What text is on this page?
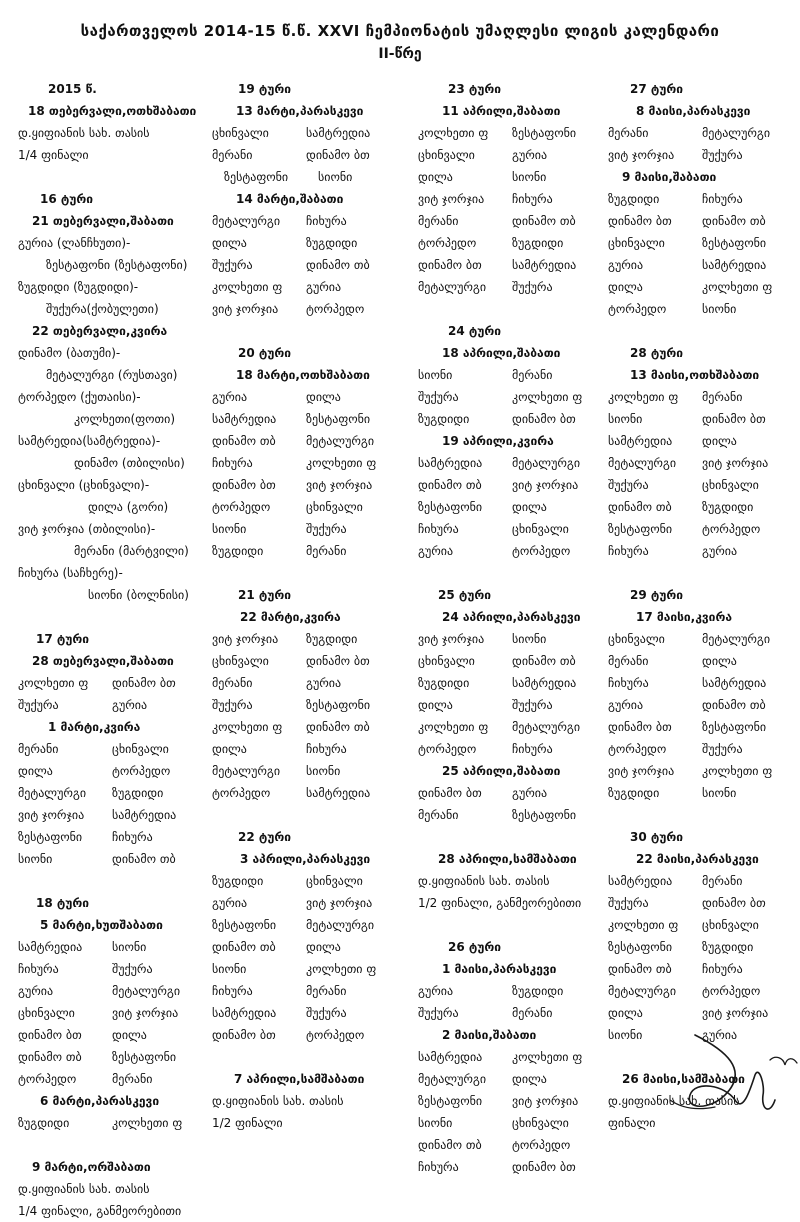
საქართველოს 2014-15 წ.წ. XXVI ჩემპიონატის უმაღლესი ლიგის კალენდარი
II-წრე
2015 წ.
18 თებერვალი,ოთხშაბათი
დ.ყიფიანის სახ. თასის
1/4 ფინალი
16 ტური
21 თებერვალი,შაბათი
გურია (ლანჩხუთი)-
ზესტაფონი (ზესტაფონი)
ზუგდიდი (ზუგდიდი)-
შუქურა(ქობულეთი)
22 თებერვალი,კვირა
დინამო (ბათუმი)-
მეტალურგი (რუსთავი)
ტორპედო (ქუთაისი)-
კოლხეთი(ფოთი)
სამტრედია(სამტრედია)-
დინამო (თბილისი)
ცხინვალი (ცხინვალი)-
დილა (გორი)
ვიტ ჯორჯია (თბილისი)-
მერანი (მარტვილი)
ჩიხურა (საჩხერე)-
სიონი (ბოლნისი)
17 ტური
28 თებერვალი,შაბათი
კოლხეთი ფ	დინამო ბთ
შუქურა	გურია
1 მარტი,კვირა
მერანი	ცხინვალი
დილა	ტორპედო
მეტალურგი	ზუგდიდი
ვიტ ჯორჯია	სამტრედია
ზესტაფონი	ჩიხურა
სიონი	დინამო თბ
18 ტური
5 მარტი,ხუთშაბათი
სამტრედია	სიონი
ჩიხურა	შუქურა
გურია	მეტალურგი
ცხინვალი	ვიტ ჯორჯია
დინამო ბთ	დილა
დინამო თბ	ზესტაფონი
ტორპედო	მერანი
6 მარტი,პარასკევი
ზუგდიდი	კოლხეთი ფ
9 მარტი,ორშაბათი
დ.ყიფიანის სახ. თასის
1/4 ფინალი, განმეორებითი
19 ტური
13 მარტი,პარასკევი
ცხინვალი	სამტრედია
მერანი	დინამო ბთ
ზესტაფონი	სიონი
14 მარტი,შაბათი
მეტალურგი	ჩიხურა
დილა	ზუგდიდი
შუქურა	დინამო თბ
კოლხეთი ფ	გურია
ვიტ ჯორჯია	ტორპედო
20 ტური
18 მარტი,ოთხშაბათი
გურია	დილა
სამტრედია	ზესტაფონი
დინამო თბ	მეტალურგი
ჩიხურა	კოლხეთი ფ
დინამო ბთ	ვიტ ჯორჯია
ტორპედო	ცხინვალი
სიონი	შუქურა
ზუგდიდი	მერანი
21 ტური
22 მარტი,კვირა
ვიტ ჯორჯია	ზუგდიდი
ცხინვალი	დინამო ბთ
მერანი	გურია
შუქურა	ზესტაფონი
კოლხეთი ფ	დინამო თბ
დილა	ჩიხურა
მეტალურგი	სიონი
ტორპედო	სამტრედია
22 ტური
3 აპრილი,პარასკევი
ზუგდიდი	ცხინვალი
გურია	ვიტ ჯორჯია
ზესტაფონი	მეტალურგი
დინამო თბ	დილა
სიონი	კოლხეთი ფ
ჩიხურა	მერანი
სამტრედია	შუქურა
დინამო ბთ	ტორპედო
7 აპრილი,სამშაბათი
დ.ყიფიანის სახ. თასის
1/2 ფინალი
23 ტური
11 აპრილი,შაბათი
კოლხეთი ფ	ზესტაფონი
ცხინვალი	გურია
დილა	სიონი
ვიტ ჯორჯია	ჩიხურა
მერანი	დინამო თბ
ტორპედო	ზუგდიდი
დინამო ბთ	სამტრედია
მეტალურგი	შუქურა
24 ტური
18 აპრილი,შაბათი
სიონი	მერანი
შუქურა	კოლხეთი ფ
ზუგდიდი	დინამო ბთ
19 აპრილი,კვირა
სამტრედია	მეტალურგი
დინამო თბ	ვიტ ჯორჯია
ზესტაფონი	დილა
ჩიხურა	ცხინვალი
გურია	ტორპედო
25 ტური
24 აპრილი,პარასკევი
ვიტ ჯორჯია	სიონი
ცხინვალი	დინამო თბ
ზუგდიდი	სამტრედია
დილა	შუქურა
კოლხეთი ფ	მეტალურგი
ტორპედო	ჩიხურა
25 აპრილი,შაბათი
დინამო ბთ	გურია
მერანი	ზესტაფონი
28 აპრილი,სამშაბათი
დ.ყიფიანის სახ. თასის
1/2 ფინალი, განმეორებითი
26 ტური
1 მაისი,პარასკევი
გურია	ზუგდიდი
შუქურა	მერანი
2 მაისი,შაბათი
სამტრედია	კოლხეთი ფ
მეტალურგი	დილა
ზესტაფონი	ვიტ ჯორჯია
სიონი	ცხინვალი
დინამო თბ	ტორპედო
ჩიხურა	დინამო ბთ
27 ტური
8 მაისი,პარასკევი
მერანი	მეტალურგი
ვიტ ჯორჯია	შუქურა
9 მაისი,შაბათი
ზუგდიდი	ჩიხურა
დინამო ბთ	დინამო თბ
ცხინვალი	ზესტაფონი
გურია	სამტრედია
დილა	კოლხეთი ფ
ტორპედო	სიონი
28 ტური
13 მაისი,ოთხშაბათი
კოლხეთი ფ	მერანი
სიონი	დინამო ბთ
სამტრედია	დილა
მეტალურგი	ვიტ ჯორჯია
შუქურა	ცხინვალი
დინამო თბ	ზუგდიდი
ზესტაფონი	ტორპედო
ჩიხურა	გურია
29 ტური
17 მაისი,კვირა
ცხინვალი	მეტალურგი
მერანი	დილა
ჩიხურა	სამტრედია
გურია	დინამო თბ
დინამო ბთ	ზესტაფონი
ტორპედო	შუქურა
ვიტ ჯორჯია	კოლხეთი ფ
ზუგდიდი	სიონი
30 ტური
22 მაისი,პარასკევი
სამტრედია	მერანი
შუქურა	დინამო ბთ
კოლხეთი ფ	ცხინვალი
ზესტაფონი	ზუგდიდი
დინამო თბ	ჩიხურა
მეტალურგი	ტორპედო
დილა	ვიტ ჯორჯია
სიონი	გურია
26 მაისი,სამშაბათი
დ.ყიფიანის სახ. თასის
ფინალი
